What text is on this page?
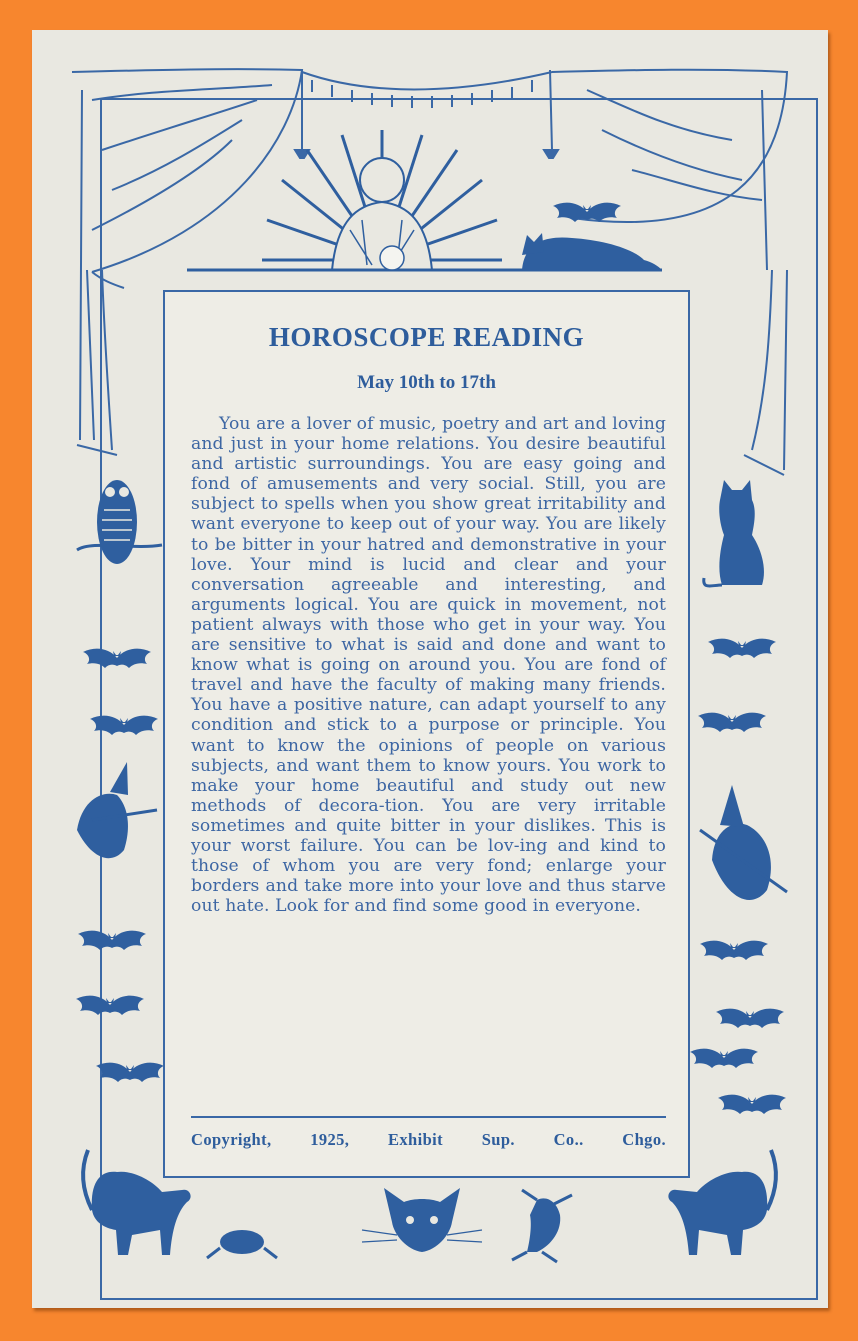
HOROSCOPE READING
May 10th to 17th
You are a lover of music, poetry and art and loving and just in your home relations. You desire beautiful and artistic surroundings. You are easy going and fond of amusements and very social. Still, you are subject to spells when you show great irritability and want everyone to keep out of your way. You are likely to be bitter in your hatred and demonstrative in your love. Your mind is lucid and clear and your conversation agreeable and interesting, and arguments logical. You are quick in movement, not patient always with those who get in your way. You are sensitive to what is said and done and want to know what is going on around you. You are fond of travel and have the faculty of making many friends. You have a positive nature, can adapt yourself to any condition and stick to a purpose or principle. You want to know the opinions of people on various subjects, and want them to know yours. You work to make your home beautiful and study out new methods of decora-tion. You are very irritable sometimes and quite bitter in your dislikes. This is your worst failure. You can be lov-ing and kind to those of whom you are very fond; enlarge your borders and take more into your love and thus starve out hate. Look for and find some good in everyone.
Copyright, 1925, Exhibit Sup. Co.. Chgo.
